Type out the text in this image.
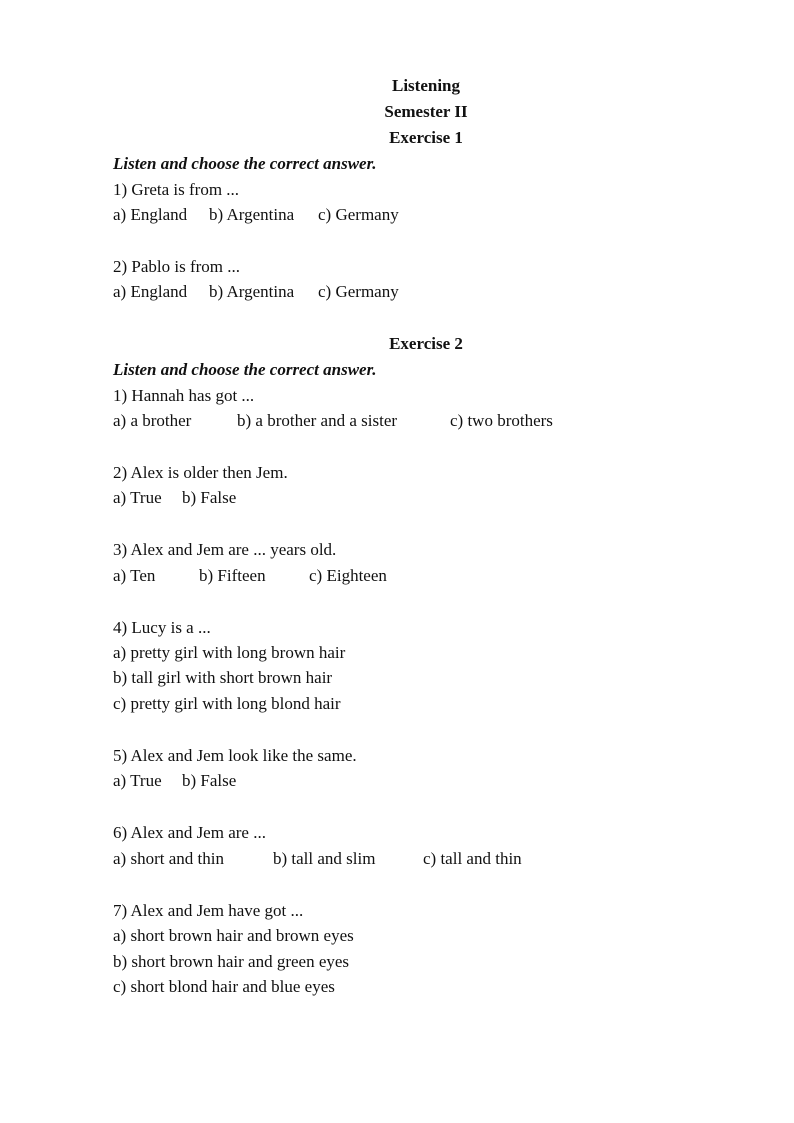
Listening
Semester II
Exercise 1
Listen and choose the correct answer.
1) Greta is from ...
a) England b) Argentina c) Germany
2) Pablo is from ...
a) England b) Argentina c) Germany
Exercise 2
Listen and choose the correct answer.
1) Hannah has got ...
a) a brother	b) a brother and a sister	c) two brothers
2) Alex is older then Jem.
a) True b) False
3) Alex and Jem are ... years old.
a) Ten	b) Fifteen	c) Eighteen
4) Lucy is a ...
a) pretty girl with long brown hair
b) tall girl with short brown hair
c) pretty girl with long blond hair
5) Alex and Jem look like the same.
a) True b) False
6) Alex and Jem are ...
a) short and thin	b) tall and slim	c) tall and thin
7) Alex and Jem have got ...
a) short brown hair and brown eyes
b) short brown hair and green eyes
c) short blond hair and blue eyes
